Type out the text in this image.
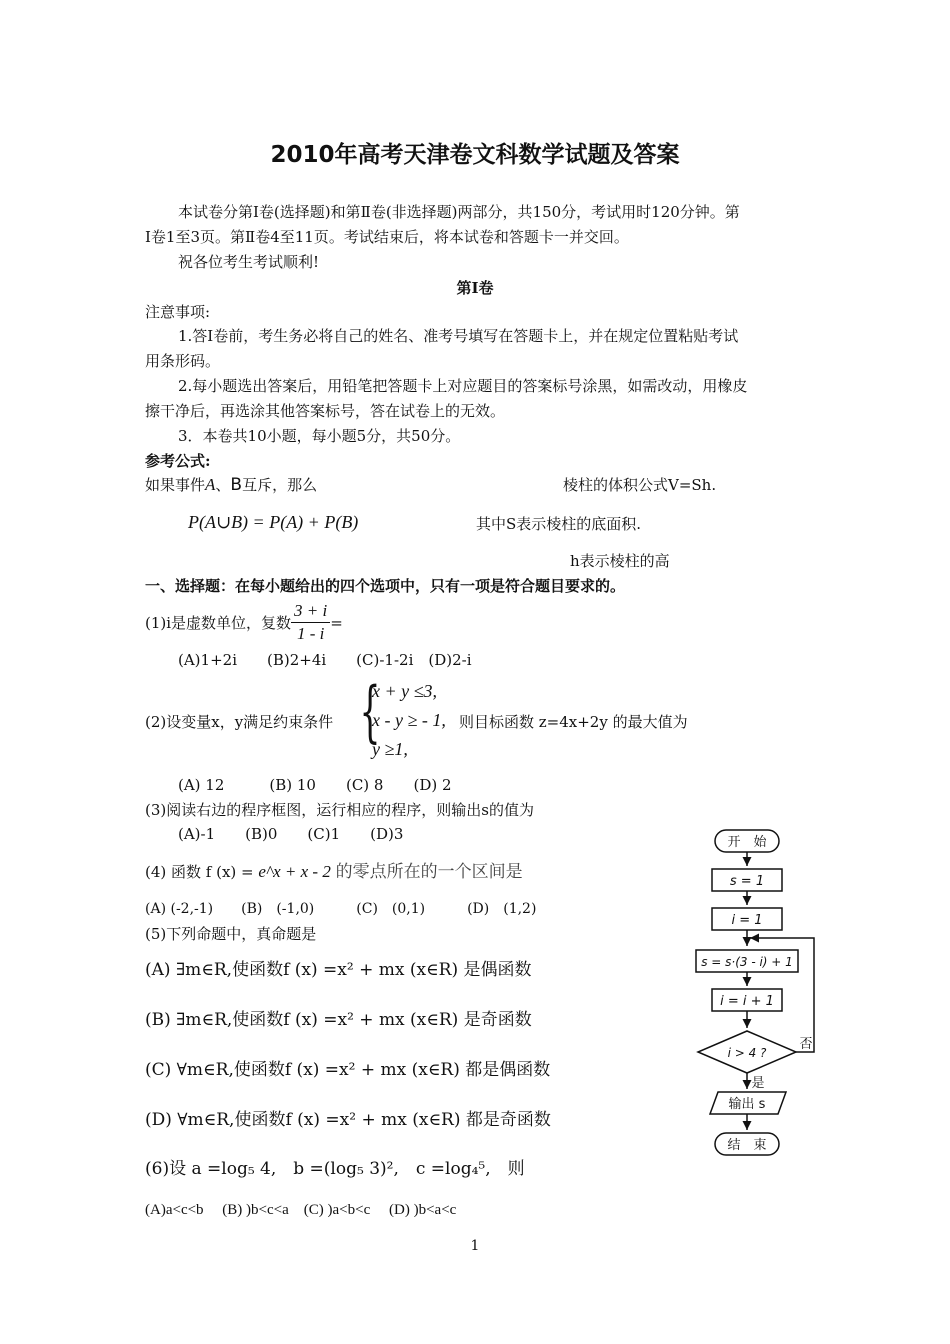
2010年高考天津卷文科数学试题及答案
本试卷分第I卷(选择题)和第Ⅱ卷(非选择题)两部分，共150分，考试用时120分钟。第
I卷1至3页。第Ⅱ卷4至11页。考试结束后，将本试卷和答题卡一并交回。
祝各位考生考试顺利!
第I卷
注意事项:
1.答I卷前，考生务必将自己的姓名、准考号填写在答题卡上，并在规定位置粘贴考试
用条形码。
2.每小题选出答案后，用铅笔把答题卡上对应题目的答案标号涂黑，如需改动，用橡皮
擦干净后，再选涂其他答案标号，答在试卷上的无效。
3．本卷共10小题，每小题5分，共50分。
参考公式:
如果事件A、B互斥，那么	棱柱的体积公式V=Sh.
P(A∪B) = P(A) + P(B)	其中S表示棱柱的底面积.
h表示棱柱的高
一、选择题：在每小题给出的四个选项中，只有一项是符合题目要求的。
(1)i是虚数单位，复数 $\frac{3 + i}{1 - i}$ =
(A)1+2i　　(B)2+4i　　(C)-1-2i　(D)2-i
(2)设变量x，y满足约束条件 {
x + y ≤3,
x - y ≥ - 1,
y ≥1,
则目标函数 z=4x+2y 的最大值为
(A) 12　　　(B) 10　　(C) 8　　(D) 2
(3)阅读右边的程序框图，运行相应的程序，则输出s的值为
(A)-1　　(B)0　　(C)1　　(D)3
(4) 函数 f (x) = e^x + x - 2 的零点所在的一个区间是
(A) (-2,-1)　　(B)　(-1,0)　　　(C)　(0,1)　　　(D)　(1,2)
(5)下列命题中，真命题是
(A) ∃m∈R,使函数f (x) =x² + mx (x∈R) 是偶函数
(B) ∃m∈R,使函数f (x) =x² + mx (x∈R) 是奇函数
(C) ∀m∈R,使函数f (x) =x² + mx (x∈R) 都是偶函数
(D) ∀m∈R,使函数f (x) =x² + mx (x∈R) 都是奇函数
(6)设 a =log₅ 4,　b =(log₅ 3)²,　c =log₄⁵,　则
(A)a<c<b　 (B) )b<c<a　(C) )a<b<c　 (D) )b<a<c
1
开　始
s = 1
i = 1
s = s·(3 - i) + 1
i = i + 1
i > 4 ?
否
是
输出 s
结　束
